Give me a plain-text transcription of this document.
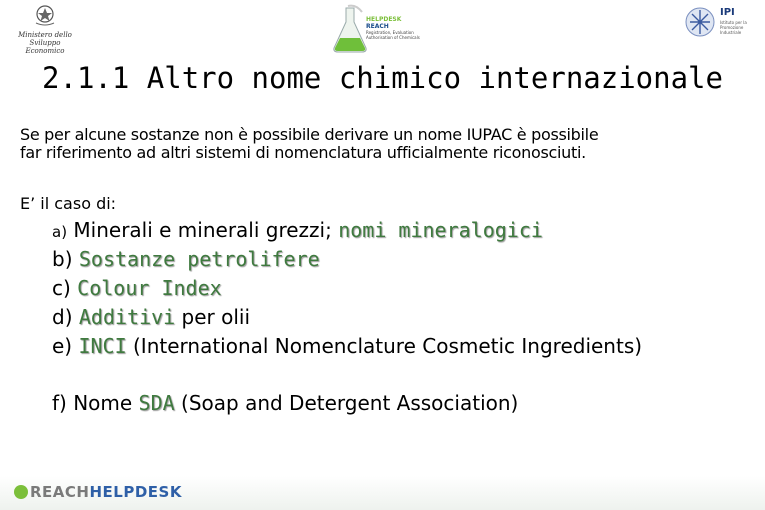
Ministero dello
Sviluppo Economico
HELPDESK
REACH
Registration, Evaluation
Authorisation of Chemicals
IPI
Istituto per la
Promozione
Industriale
2.1.1 Altro nome chimico internazionale
Se per alcune sostanze non è possibile derivare un nome IUPAC è possibile
far riferimento ad altri sistemi di nomenclatura ufficialmente riconosciuti.
E’ il caso di:
a) Minerali e minerali grezzi; nomi mineralogici
b) Sostanze petrolifere
c) Colour Index
d) Additivi per olii
e) INCI (International Nomenclature Cosmetic Ingredients)
f) Nome SDA (Soap and Detergent Association)
REACHHELPDESK
